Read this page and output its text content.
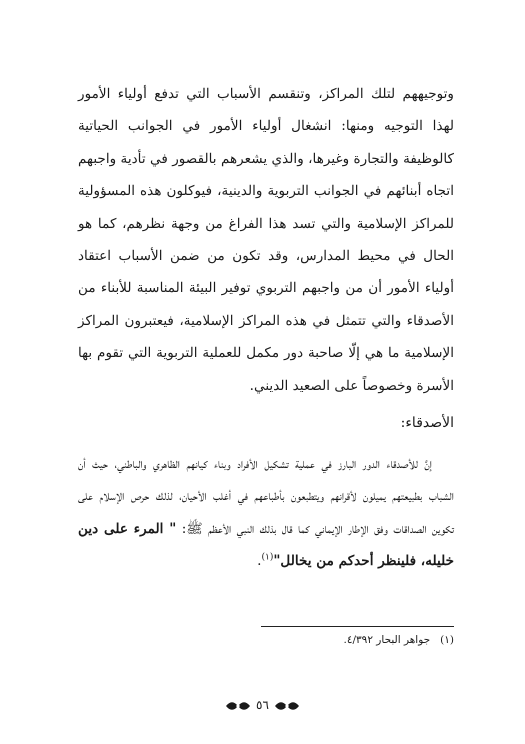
وتوجيههم لتلك المراكز، وتنقسم الأسباب التي تدفع أولياء الأمور لهذا التوجيه ومنها: انشغال أولياء الأمور في الجوانب الحياتية كالوظيفة والتجارة وغيرها، والذي يشعرهم بالقصور في تأدية واجبهم اتجاه أبنائهم في الجوانب التربوية والدينية، فيوكلون هذه المسؤولية للمراكز الإسلامية والتي تسد هذا الفراغ من وجهة نظرهم، كما هو الحال في محيط المدارس، وقد تكون من ضمن الأسباب اعتقاد أولياء الأمور أن من واجبهم التربوي توفير البيئة المناسبة للأبناء من الأصدقاء والتي تتمثل في هذه المراكز الإسلامية، فيعتبرون المراكز الإسلامية ما هي إلّا صاحبة دور مكمل للعملية التربوية التي تقوم بها الأسرة وخصوصاً على الصعيد الديني.

الأصدقاء:

إنَّ للأصدقاء الدور البارز في عملية تشكيل الأفراد وبناء كيانهم الظاهري والباطني، حيث أن الشباب بطبيعتهم يميلون لأقرانهم ويتطبعون بأطباعهم في أغلب الأحيان، لذلك حرص الإسلام على تكوين الصداقات وفق الإطار الإيماني كما قال بذلك النبي الأعظم ﷺ: " المرء على دين خليله، فلينظر أحدكم من يخالل"$^{(١)}$.

(١)جواهر البحار ٤/٣٩٢.
٥٦
